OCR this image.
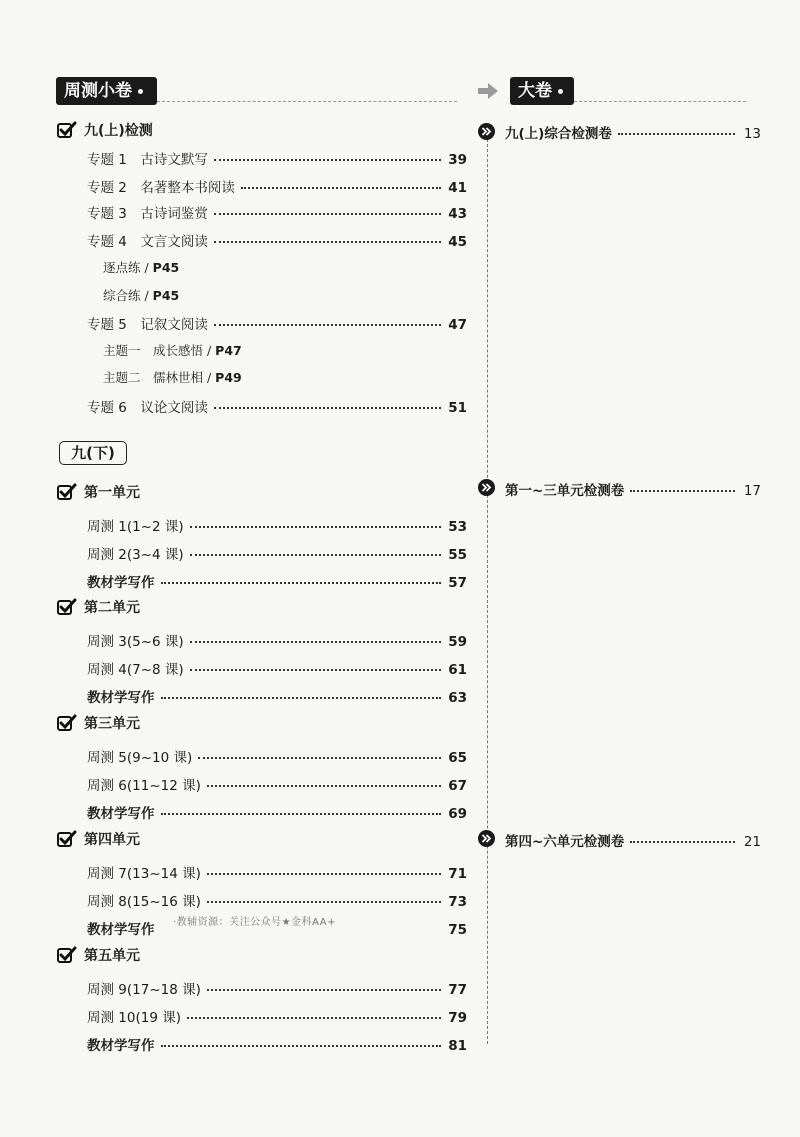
周测小卷	大卷
九(上)检测
专题 1　古诗文默写	39
专题 2　名著整本书阅读	41
专题 3　古诗词鉴赏	43
专题 4　文言文阅读	45
逐点练 / P45
综合练 / P45
专题 5　记叙文阅读	47
主题一　成长感悟 / P47
主题二　儒林世相 / P49
专题 6　议论文阅读	51
九(下)
第一单元
周测 1(1~2 课)	53
周测 2(3~4 课)	55
教材学写作	57
第二单元
周测 3(5~6 课)	59
周测 4(7~8 课)	61
教材学写作	63
第三单元
周测 5(9~10 课)	65
周测 6(11~12 课)	67
教材学写作	69
第四单元
周测 7(13~14 课)	71
周测 8(15~16 课)	73
教材学写作	75
第五单元
周测 9(17~18 课)	77
周测 10(19 课)	79
教材学写作	81
·教辅资源：关注公众号★金科AA+
九(上)综合检测卷	13
第一~三单元检测卷	17
第四~六单元检测卷	21
